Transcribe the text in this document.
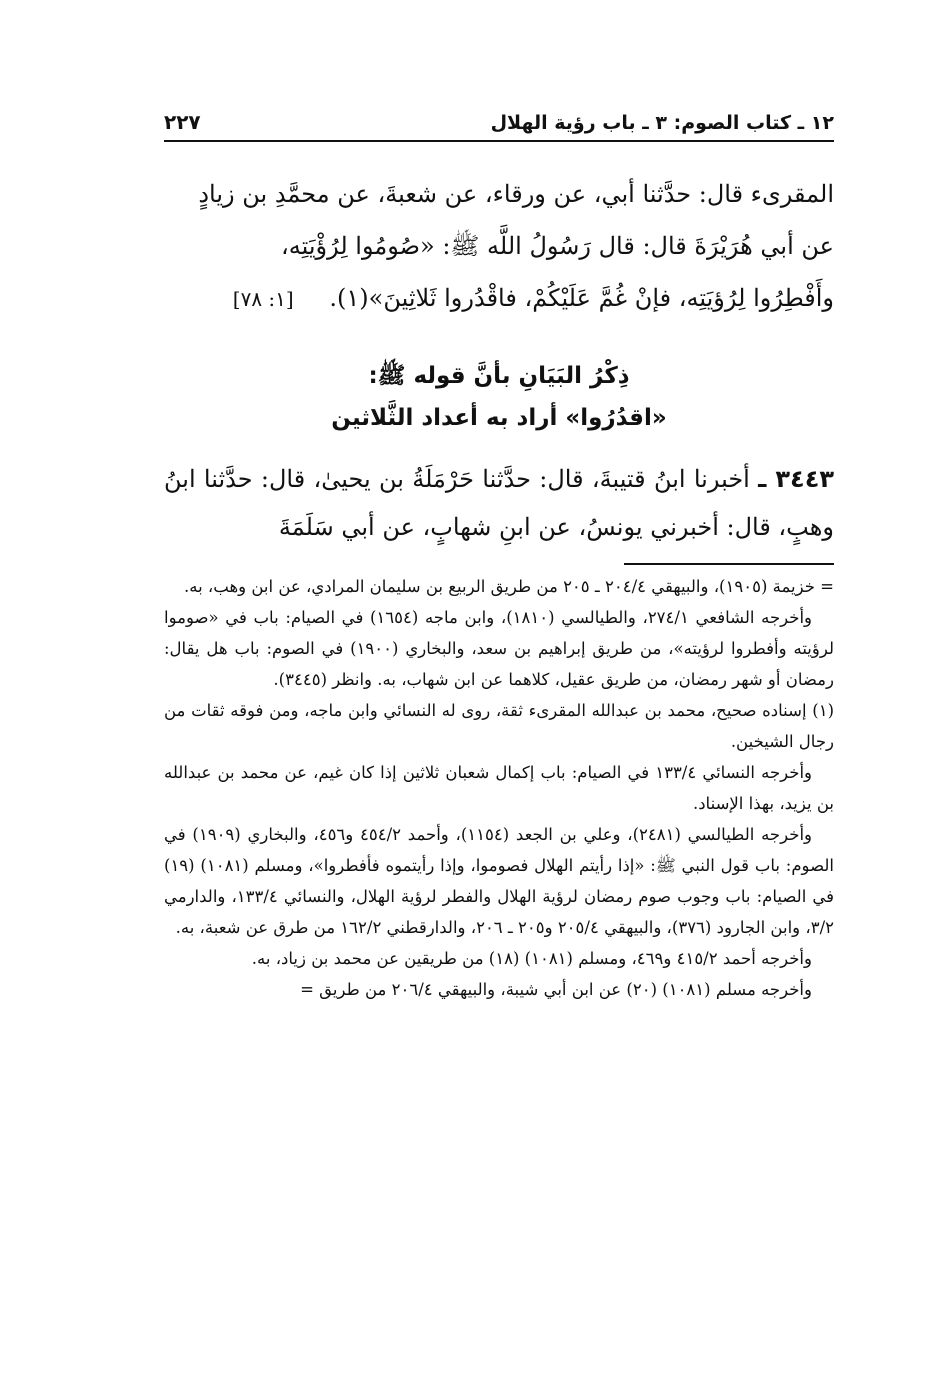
١٢ ـ كتاب الصوم: ٣ ـ باب رؤية الهلال
٢٢٧

المقرىء قال: حدَّثنا أبي، عن ورقاء، عن شعبةَ، عن محمَّدِ بن زيادٍ

عن أبي هُرَيْرَةَ قال: قال رَسُولُ اللَّه ﷺ: «صُومُوا لِرُؤْيَتِه،

وأَفْطِرُوا لِرُؤيَتِه، فإنْ غُمَّ عَلَيْكُمْ، فاقْدُروا ثَلاثِينَ»(١). [١: ٧٨]

ذِكْرُ البَيَانِ بأنَّ قوله ﷺ:
«اقدُرُوا» أراد به أعداد الثَّلاثين
٣٤٤٣ ـ أخبرنا ابنُ قتيبةَ، قال: حدَّثنا حَرْمَلَةُ بن يحيىٰ، قال: حدَّثنا ابنُ وهبٍ، قال: أخبرني يونسُ، عن ابنِ شهابٍ، عن أبي سَلَمَةَ

= خزيمة (١٩٠٥)، والبيهقي ٢٠٤/٤ ـ ٢٠٥ من طريق الربيع بن سليمان المرادي، عن ابن وهب، به.

وأخرجه الشافعي ٢٧٤/١، والطيالسي (١٨١٠)، وابن ماجه (١٦٥٤) في الصيام: باب في «صوموا لرؤيته وأفطروا لرؤيته»، من طريق إبراهيم بن سعد، والبخاري (١٩٠٠) في الصوم: باب هل يقال: رمضان أو شهر رمضان، من طريق عقيل، كلاهما عن ابن شهاب، به. وانظر (٣٤٤٥).

(١) إسناده صحيح، محمد بن عبدالله المقرىء ثقة، روى له النسائي وابن ماجه، ومن فوقه ثقات من رجال الشيخين.

وأخرجه النسائي ١٣٣/٤ في الصيام: باب إكمال شعبان ثلاثين إذا كان غيم، عن محمد بن عبدالله بن يزيد، بهذا الإسناد.

وأخرجه الطيالسي (٢٤٨١)، وعلي بن الجعد (١١٥٤)، وأحمد ٤٥٤/٢ و٤٥٦، والبخاري (١٩٠٩) في الصوم: باب قول النبي ﷺ: «إذا رأيتم الهلال فصوموا، وإذا رأيتموه فأفطروا»، ومسلم (١٠٨١) (١٩) في الصيام: باب وجوب صوم رمضان لرؤية الهلال والفطر لرؤية الهلال، والنسائي ١٣٣/٤، والدارمي ٣/٢، وابن الجارود (٣٧٦)، والبيهقي ٢٠٥/٤ و٢٠٥ ـ ٢٠٦، والدارقطني ١٦٢/٢ من طرق عن شعبة، به.

وأخرجه أحمد ٤١٥/٢ و٤٦٩، ومسلم (١٠٨١) (١٨) من طريقين عن محمد بن زياد، به.

وأخرجه مسلم (١٠٨١) (٢٠) عن ابن أبي شيبة، والبيهقي ٢٠٦/٤ من طريق =
